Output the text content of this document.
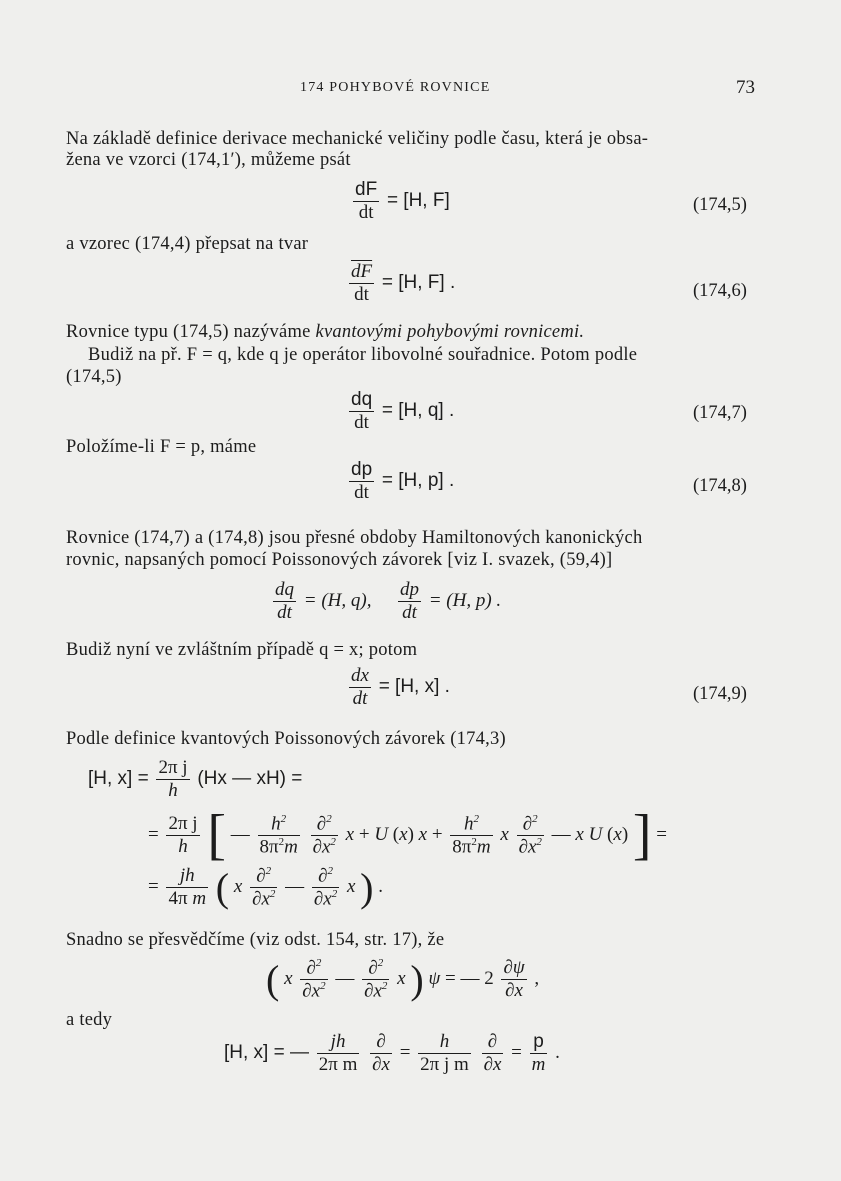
174 POHYBOVÉ ROVNICE	73
Na základě definice derivace mechanické veličiny podle času, která je obsa-
žena ve vzorci (174,1′), můžeme psát
$\frac{dF}{dt} = [H$, F]	(174,5)
a vzorec (174,4) přepsat na tvar
$\frac{\overline{dF}}{dt} = [H$, F] .	(174,6)
Rovnice typu (174,5) nazýváme kvantovými pohybovými rovnicemi.
Budiž na př. F = q, kde q je operátor libovolné souřadnice. Potom podle
(174,5)
$\frac{dq}{dt} = [H$, q] .	(174,7)
Položíme-li F = p, máme
$\frac{dp}{dt} = [H$, p] .	(174,8)
Rovnice (174,7) a (174,8) jsou přesné obdoby Hamiltonových kanonických
rovnic, napsaných pomocí Poissonových závorek [viz I. svazek, (59,4)]
$\frac{dq}{dt} = (H$, q), $\frac{dp}{dt} = (H$, p) .
Budiž nyní ve zvláštním případě q = x; potom
$\frac{dx}{dt} = [H$, x] .	(174,9)
Podle definice kvantových Poissonových závorek (174,3)
[H, $x] = \frac{\text{2π j}}{h} (Hx$ — xH) =
= $\frac{\text{2π j}}{h}$ [ — $\frac{h^2}{8\pi^2m}$
$\frac{\partial^2}{\partial x^2}$ x + U (x) $x + \frac{h^2}{8\pi^2m}$ x $\frac{\partial^2}{\partial x^2}$ — x U (x) ] =
= $\frac{jh}{\text{4π m}}$ ( x $\frac{\partial^2}{\partial x^2}$ — $\frac{\partial^2}{\partial x^2}$ x ) .
Snadno se přesvědčíme (viz odst. 154, str. 17), že
( x $\frac{\partial^2}{\partial x^2}$ — $\frac{\partial^2}{\partial x^2}$ x ) ψ = — $2 \frac{\partial\psi}{\partial x}$ ,
a tedy
[H, x] = — $\frac{jh}{\text{2π m}}$
$\frac{\partial}{\partial x} = \frac{h}{\text{2π j m}}$
$\frac{\partial}{\partial x} = \frac{p}{m}$ .
